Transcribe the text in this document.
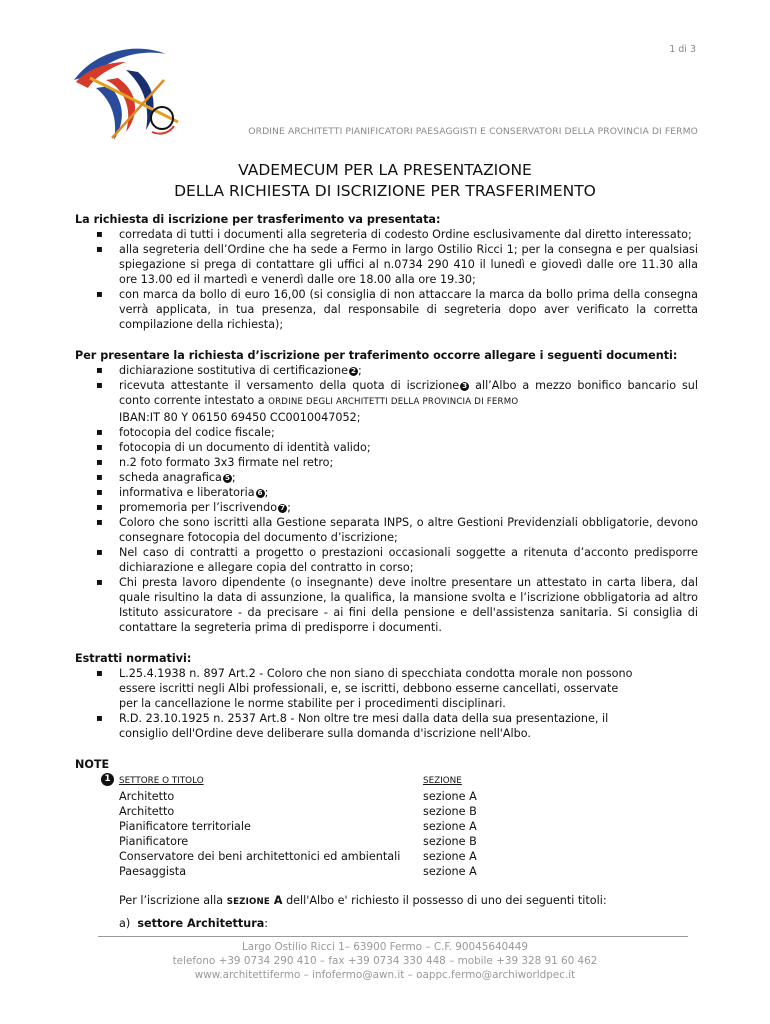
1 di 3
ORDINE ARCHITETTI PIANIFICATORI PAESAGGISTI E CONSERVATORI DELLA PROVINCIA DI FERMO
VADEMECUM PER LA PRESENTAZIONE
DELLA RICHIESTA DI ISCRIZIONE PER TRASFERIMENTO

La richiesta di iscrizione per trasferimento va presentata:

▪ corredata di tutti i documenti alla segreteria di codesto Ordine esclusivamente dal diretto interessato;
▪ alla segreteria dell’Ordine che ha sede a Fermo in largo Ostilio Ricci 1; per la consegna e per qualsiasi spiegazione si prega di contattare gli uffici al n.0734 290 410 il lunedì e giovedì dalle ore 11.30 alla ore 13.00 ed il martedì e venerdì dalle ore 18.00 alla ore 19.30;
▪ con marca da bollo di euro 16,00 (si consiglia di non attaccare la marca da bollo prima della consegna verrà applicata, in tua presenza, dal responsabile di segreteria dopo aver verificato la corretta compilazione della richiesta);

Per presentare la richiesta d’iscrizione per traferimento occorre allegare i seguenti documenti:

▪ dichiarazione sostitutiva di certificazione 2 ;
▪ ricevuta attestante il versamento della quota di iscrizione 3 all’Albo a mezzo bonifico bancario sul conto corrente intestato a ORDINE DEGLI ARCHITETTI DELLA PROVINCIA DI FERMO
IBAN:IT 80 Y 06150 69450 CC0010047052;
▪ fotocopia del codice fiscale;
▪ fotocopia di un documento di identità valido;
▪ n.2 foto formato 3x3 firmate nel retro;
▪ scheda anagrafica 5 ;
▪ informativa e liberatoria 6 ;
▪ promemoria per l’iscrivendo 7 ;
▪ Coloro che sono iscritti alla Gestione separata INPS, o altre Gestioni Previdenziali obbligatorie, devono consegnare fotocopia del documento d’iscrizione;
▪ Nel caso di contratti a progetto o prestazioni occasionali soggette a ritenuta d’acconto predisporre dichiarazione e allegare copia del contratto in corso;
▪ Chi presta lavoro dipendente (o insegnante) deve inoltre presentare un attestato in carta libera, dal quale risultino la data di assunzione, la qualifica, la mansione svolta e l’iscrizione obbligatoria ad altro Istituto assicuratore - da precisare - ai fini della pensione e dell'assistenza sanitaria. Si consiglia di contattare la segreteria prima di predisporre i documenti.

Estratti normativi:

▪ L.25.4.1938 n. 897 Art.2 - Coloro che non siano di specchiata condotta morale non possono essere iscritti negli Albi professionali, e, se iscritti, debbono esserne cancellati, osservate per la cancellazione le norme stabilite per i procedimenti disciplinari.
▪ R.D. 23.10.1925 n. 2537 Art.8 - Non oltre tre mesi dalla data della sua presentazione, il consiglio dell'Ordine deve deliberare sulla domanda d'iscrizione nell'Albo.
NOTE
1 SETTORE O TITOLO	SEZIONE
Architetto	sezione A
Architetto	sezione B
Pianificatore territoriale	sezione A
Pianificatore	sezione B
Conservatore dei beni architettonici ed ambientali	sezione A
Paesaggista	sezione A
Per l’iscrizione alla SEZIONE A dell'Albo e' richiesto il possesso di uno dei seguenti titoli:
a) settore Architettura:
Largo Ostilio Ricci 1– 63900 Fermo – C.F. 90045640449
telefono +39 0734 290 410 – fax +39 0734 330 448 – mobile +39 328 91 60 462
www.architettifermo – infofermo@awn.it – oappc.fermo@archiworldpec.it
